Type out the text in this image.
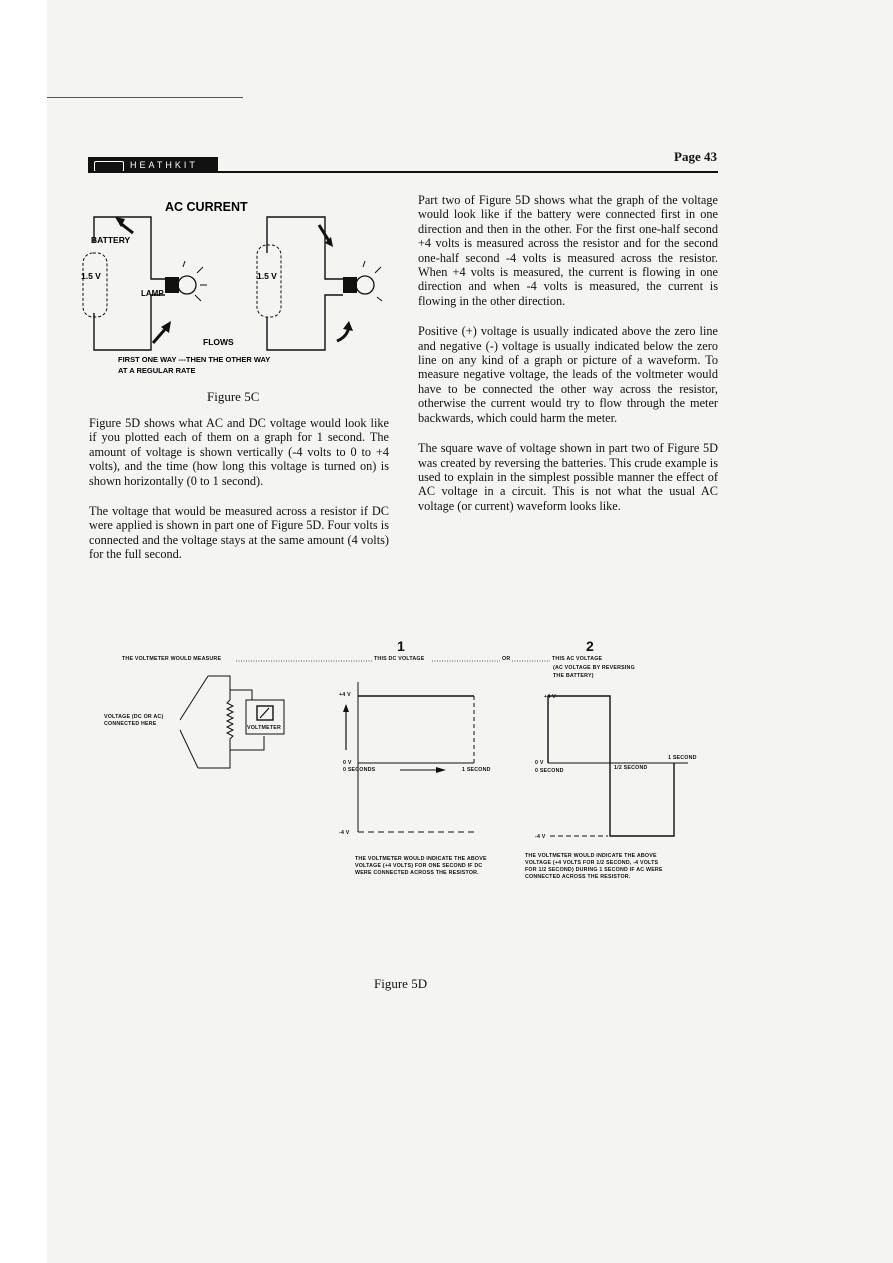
HEATHKIT
Page 43
AC CURRENT
BATTERY
1.5 V
LAMP
FLOWS
1.5 V
FIRST ONE WAY ---THEN THE OTHER WAY
AT A REGULAR RATE
Figure 5C

Figure 5D shows what AC and DC voltage would look like if you plotted each of them on a graph for 1 second. The amount of voltage is shown vertically (-4 volts to 0 to +4 volts), and the time (how long this voltage is turned on) is shown horizontally (0 to 1 second).

The voltage that would be measured across a resistor if DC were applied is shown in part one of Figure 5D. Four volts is connected and the voltage stays at the same amount (4 volts) for the full second.

Part two of Figure 5D shows what the graph of the voltage would look like if the battery were connected first in one direction and then in the other. For the first one-half second +4 volts is measured across the resistor and for the second one-half second -4 volts is measured across the resistor. When +4 volts is measured, the current is flowing in one direction and when -4 volts is measured, the current is flowing in the other direction.

Positive (+) voltage is usually indicated above the zero line and negative (-) voltage is usually indicated below the zero line on any kind of a graph or picture of a waveform. To measure negative voltage, the leads of the voltmeter would have to be connected the other way across the resistor, otherwise the current would try to flow through the meter backwards, which could harm the meter.

The square wave of voltage shown in part two of Figure 5D was created by reversing the batteries. This crude example is used to explain in the simplest possible manner the effect of AC voltage in a circuit. This is not what the usual AC voltage (or current) waveform looks like.

1	2
THE VOLTMETER WOULD MEASURE	THIS DC VOLTAGE	OR	THIS AC VOLTAGE
(AC VOLTAGE BY REVERSING
THE BATTERY)
VOLTAGE (DC OR AC)
CONNECTED HERE
VOLTMETER
+4 V
0 V
0 SECONDS	1 SECOND
-4 V
+4 V
0 V
0 SECOND	1/2 SECOND
1 SECOND
-4 V
THE VOLTMETER WOULD INDICATE THE ABOVE
VOLTAGE (+4 VOLTS) FOR ONE SECOND IF DC
WERE CONNECTED ACROSS THE RESISTOR.
THE VOLTMETER WOULD INDICATE THE ABOVE
VOLTAGE (+4 VOLTS FOR 1/2 SECOND, -4 VOLTS
FOR 1/2 SECOND) DURING 1 SECOND IF AC WERE
CONNECTED ACROSS THE RESISTOR.
Figure 5D
